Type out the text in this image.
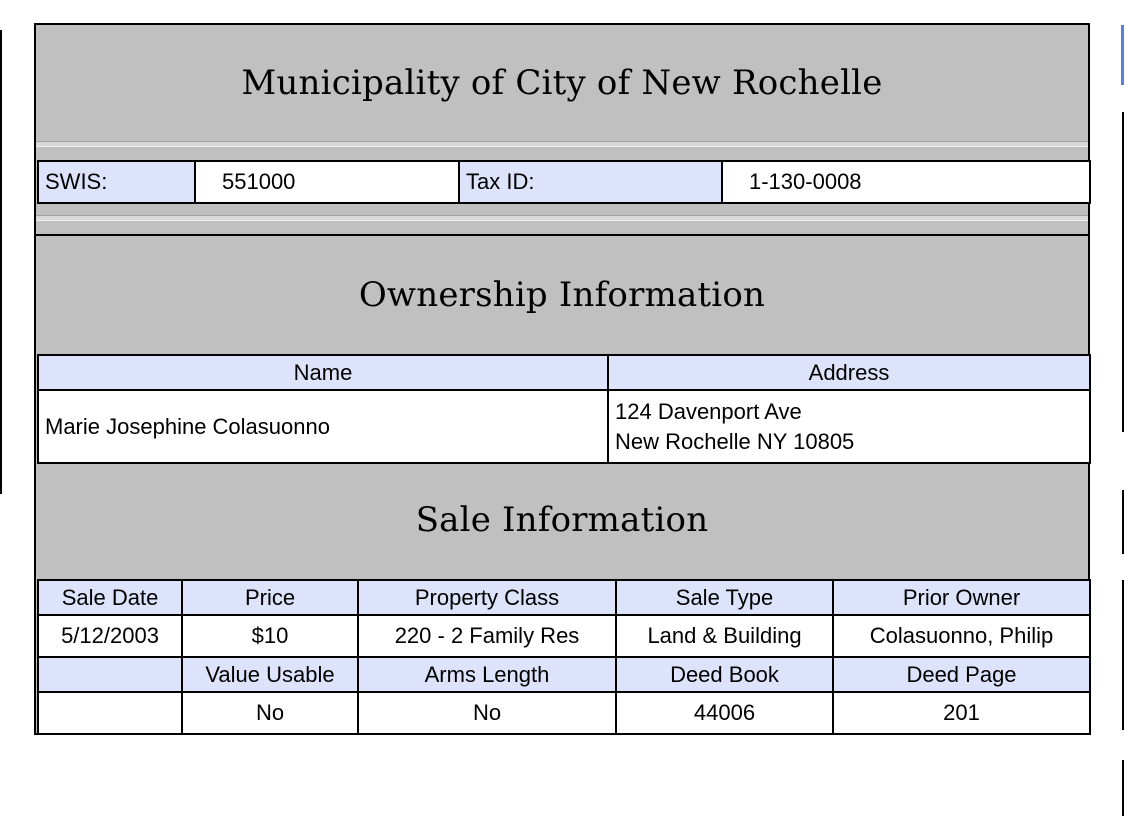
Municipality of City of New Rochelle
SWIS:	551000	Tax ID:	1-130-0008
Ownership Information
Name	Address
Marie Josephine Colasuonno	124 Davenport Ave
New Rochelle NY 10805
Sale Information
Sale Date	Price	Property Class	Sale Type	Prior Owner
5/12/2003	$10	220 - 2 Family Res	Land & Building	Colasuonno, Philip
	Value Usable	Arms Length	Deed Book	Deed Page
	No	No	44006	201
